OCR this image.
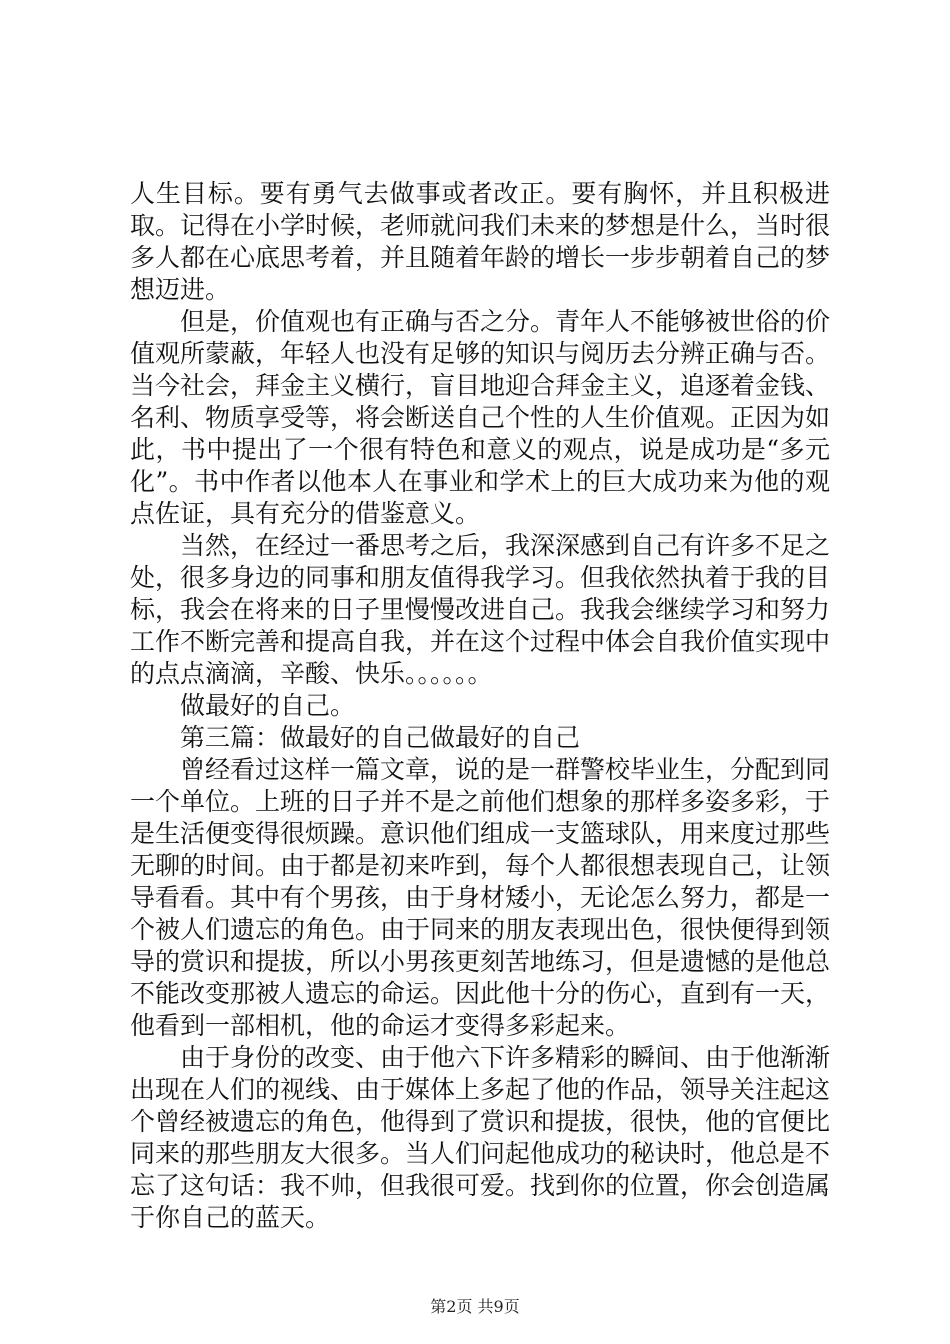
人生目标。要有勇气去做事或者改正。要有胸怀，并且积极进取。记得在小学时候，老师就问我们未来的梦想是什么，当时很多人都在心底思考着，并且随着年龄的增长一步步朝着自己的梦想迈进。

但是，价值观也有正确与否之分。青年人不能够被世俗的价值观所蒙蔽，年轻人也没有足够的知识与阅历去分辨正确与否。当今社会，拜金主义横行，盲目地迎合拜金主义，追逐着金钱、名利、物质享受等，将会断送自己个性的人生价值观。正因为如此，书中提出了一个很有特色和意义的观点，说是成功是“多元化”。书中作者以他本人在事业和学术上的巨大成功来为他的观点佐证，具有充分的借鉴意义。

当然，在经过一番思考之后，我深深感到自己有许多不足之处，很多身边的同事和朋友值得我学习。但我依然执着于我的目标，我会在将来的日子里慢慢改进自己。我我会继续学习和努力工作不断完善和提高自我，并在这个过程中体会自我价值实现中的点点滴滴，辛酸、快乐。。。。。。

做最好的自己。

第三篇：做最好的自己做最好的自己

曾经看过这样一篇文章，说的是一群警校毕业生，分配到同一个单位。上班的日子并不是之前他们想象的那样多姿多彩，于是生活便变得很烦躁。意识他们组成一支篮球队，用来度过那些无聊的时间。由于都是初来咋到，每个人都很想表现自己，让领导看看。其中有个男孩，由于身材矮小，无论怎么努力，都是一个被人们遗忘的角色。由于同来的朋友表现出色，很快便得到领导的赏识和提拔，所以小男孩更刻苦地练习，但是遗憾的是他总不能改变那被人遗忘的命运。因此他十分的伤心，直到有一天，他看到一部相机，他的命运才变得多彩起来。

由于身份的改变、由于他六下许多精彩的瞬间、由于他渐渐出现在人们的视线、由于媒体上多起了他的作品，领导关注起这个曾经被遗忘的角色，他得到了赏识和提拔，很快，他的官便比同来的那些朋友大很多。当人们问起他成功的秘诀时，他总是不忘了这句话：我不帅，但我很可爱。找到你的位置，你会创造属于你自己的蓝天。

第2页 共9页
